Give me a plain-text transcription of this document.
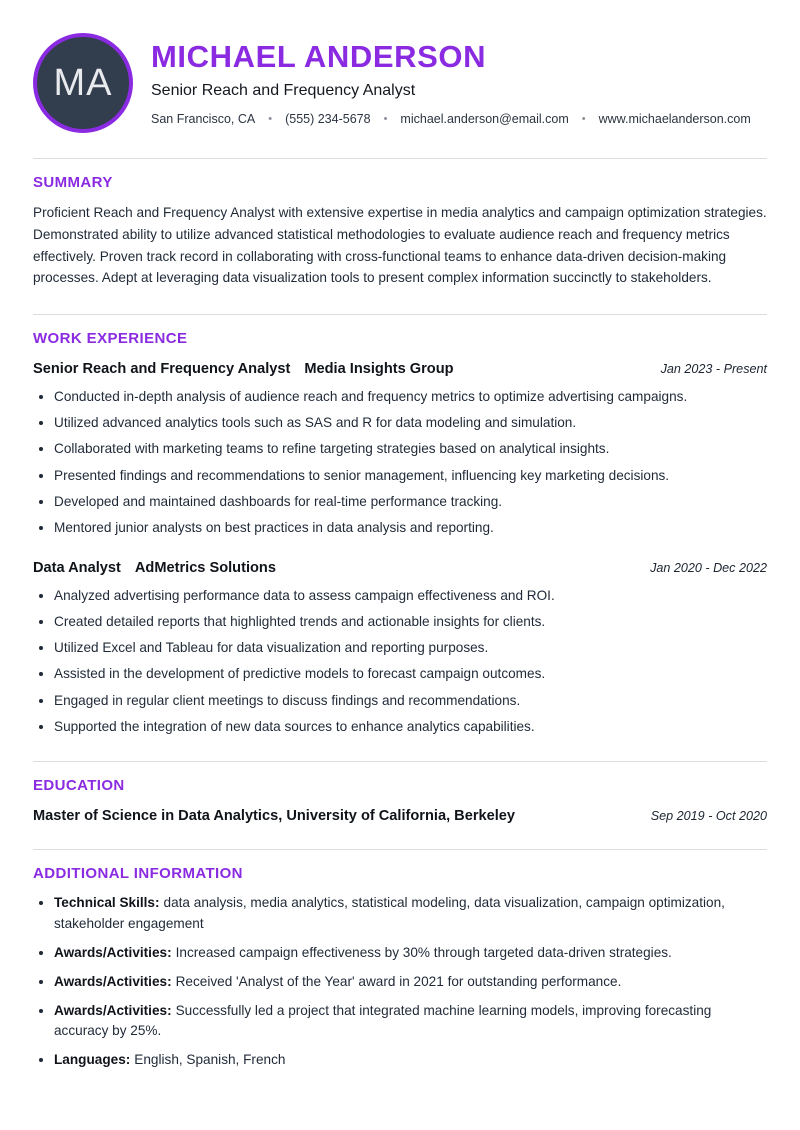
MA
MICHAEL ANDERSON
Senior Reach and Frequency Analyst
San Francisco, CA • (555) 234-5678 • michael.anderson@email.com • www.michaelanderson.com
SUMMARY

Proficient Reach and Frequency Analyst with extensive expertise in media analytics and campaign optimization strategies. Demonstrated ability to utilize advanced statistical methodologies to evaluate audience reach and frequency metrics effectively. Proven track record in collaborating with cross-functional teams to enhance data-driven decision-making processes. Adept at leveraging data visualization tools to present complex information succinctly to stakeholders.

WORK EXPERIENCE
Senior Reach and Frequency Analyst Media Insights Group	Jan 2023 - Present
• Conducted in-depth analysis of audience reach and frequency metrics to optimize advertising campaigns.
• Utilized advanced analytics tools such as SAS and R for data modeling and simulation.
• Collaborated with marketing teams to refine targeting strategies based on analytical insights.
• Presented findings and recommendations to senior management, influencing key marketing decisions.
• Developed and maintained dashboards for real-time performance tracking.
• Mentored junior analysts on best practices in data analysis and reporting.
Data Analyst AdMetrics Solutions	Jan 2020 - Dec 2022
• Analyzed advertising performance data to assess campaign effectiveness and ROI.
• Created detailed reports that highlighted trends and actionable insights for clients.
• Utilized Excel and Tableau for data visualization and reporting purposes.
• Assisted in the development of predictive models to forecast campaign outcomes.
• Engaged in regular client meetings to discuss findings and recommendations.
• Supported the integration of new data sources to enhance analytics capabilities.
EDUCATION
Master of Science in Data Analytics, University of California, Berkeley	Sep 2019 - Oct 2020
ADDITIONAL INFORMATION
• Technical Skills: data analysis, media analytics, statistical modeling, data visualization, campaign optimization, stakeholder engagement
• Awards/Activities: Increased campaign effectiveness by 30% through targeted data-driven strategies.
• Awards/Activities: Received 'Analyst of the Year' award in 2021 for outstanding performance.
• Awards/Activities: Successfully led a project that integrated machine learning models, improving forecasting accuracy by 25%.
• Languages: English, Spanish, French
